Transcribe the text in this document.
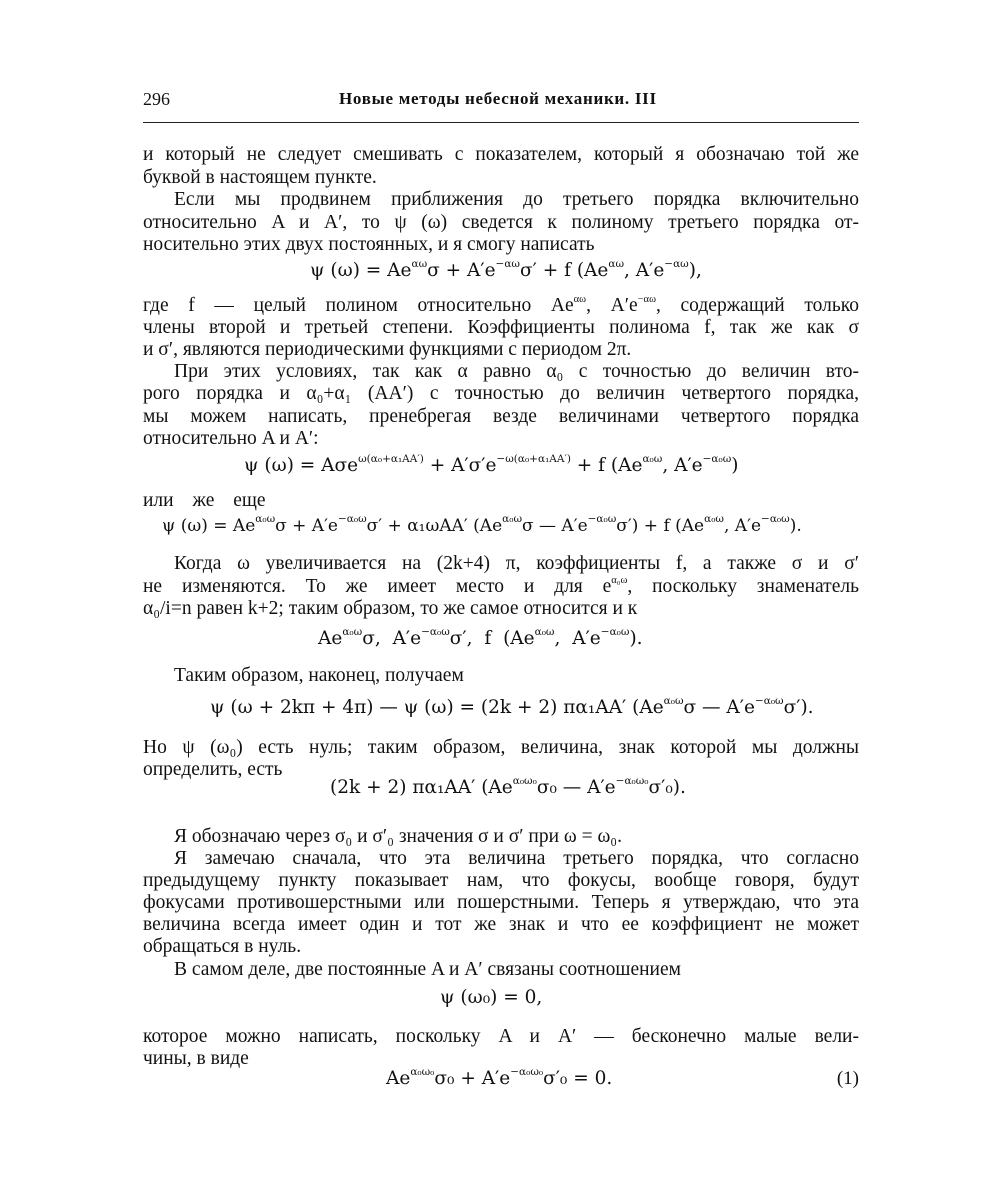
296	Новые методы небесной механики. III
и который не следует смешивать с показателем, который я обозначаю той же
буквой в настоящем пункте.
Если мы продвинем приближения до третьего порядка включительно
относительно A и A′, то ψ (ω) сведется к полиному третьего порядка от-
носительно этих двух постоянных, и я смогу написать
ψ $(\omega) = Ae^{\alpha\omega}\sigma + A'e^{-\alpha\omega}\sigma' + f$ ($Ae^{\alpha\omega}$, $A'e^{-\alpha\omega}$),
где f — целый полином относительно $Ae^{\alpha\omega}$, $A'e^{-\alpha\omega}$, содержащий только
члены второй и третьей степени. Коэффициенты полинома f, так же как σ
и σ′, являются периодическими функциями с периодом 2π.
При этих условиях, так как α равно α₀ с точностью до величин вто-
рого порядка и α₀+α₁ (AA′) с точностью до величин четвертого порядка,
мы можем написать, пренебрегая везде величинами четвертого порядка
относительно A и A′:
ψ $(\omega) = A\sigma e^{\omega(\alpha_0+\alpha_1AA')} + A'\sigma'e^{-\omega(\alpha_0+\alpha_1AA')} + f$ ($Ae^{\alpha_0\omega}$, $A'e^{-\alpha_0\omega}$)
или же еще
ψ $(\omega) = Ae^{\alpha_0\omega}\sigma + A'e^{-\alpha_0\omega}\sigma' + \alpha_1\omega AA'$ ($Ae^{\alpha_0\omega}\sigma$ — $A'e^{-\alpha_0\omega}\sigma') + f$ ($Ae^{\alpha_0\omega}$, $A'e^{-\alpha_0\omega}$).
Когда ω увеличивается на (2k+4) π, коэффициенты f, а также σ и σ′
не изменяются. То же имеет место и для $e^{\alpha_0\omega}$, поскольку знаменатель
α₀/i=n равен k+2; таким образом, то же самое относится и к
$Ae^{\alpha_0\omega}\sigma$, $A'e^{-\alpha_0\omega}\sigma'$, f ($Ae^{\alpha_0\omega}$, $A'e^{-\alpha_0\omega}$).
Таким образом, наконец, получаем
ψ (ω + 2kπ + 4π) — ψ (ω) = (2k + 2) πα₁AA′ ($Ae^{\alpha_0\omega}\sigma$ — $A'e^{-\alpha_0\omega}\sigma'$).
Но ψ (ω₀) есть нуль; таким образом, величина, знак которой мы должны
определить, есть
(2k + 2) πα₁AA′ ($Ae^{\alpha_0\omega_0}\sigma_0$ — $A'e^{-\alpha_0\omega_0}\sigma'_0$).
Я обозначаю через σ₀ и σ′₀ значения σ и σ′ при ω = ω₀.
Я замечаю сначала, что эта величина третьего порядка, что согласно
предыдущему пункту показывает нам, что фокусы, вообще говоря, будут
фокусами противошерстными или пошерстными. Теперь я утверждаю, что эта
величина всегда имеет один и тот же знак и что ее коэффициент не может
обращаться в нуль.
В самом деле, две постоянные A и A′ связаны соотношением
ψ (ω₀) = 0,
которое можно написать, поскольку A и A′ — бесконечно малые вели-
чины, в виде
$Ae^{\alpha_0\omega_0}\sigma_0 + A'e^{-\alpha_0\omega_0}\sigma'_0 = 0$.	(1)
